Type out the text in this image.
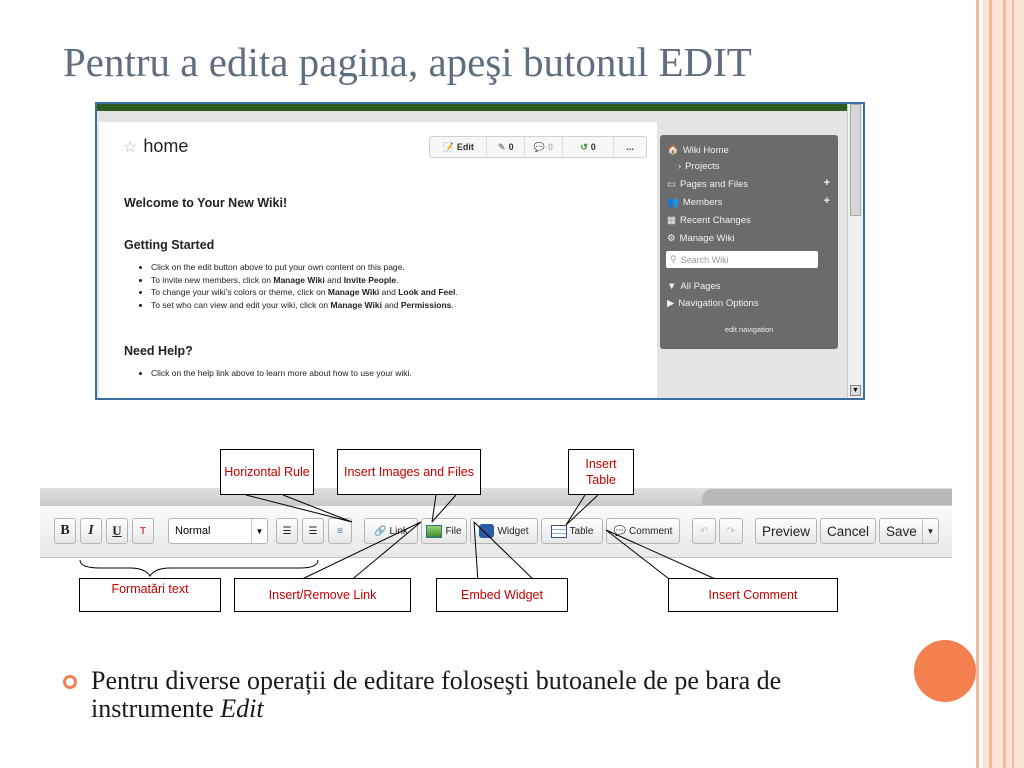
Pentru a edita pagina, apeşi butonul EDIT
▼
☆ home	📝 Edit	✎ 0 💬 0	↺ 0	...
Welcome to Your New Wiki!
Getting Started
• Click on the edit button above to put your own content on this page.
• To invite new members, click on Manage Wiki and Invite People.
• To change your wiki's colors or theme, click on Manage Wiki and Look and Feel.
• To set who can view and edit your wiki, click on Manage Wiki and Permissions.
Need Help?
• Click on the help link above to learn more about how to use your wiki.
🏠 Wiki Home
› Projects
▭ Pages and Files	+
👥 Members	+
▦ Recent Changes
⚙ Manage Wiki
⚲ Search Wiki
▼ All Pages
▶ Navigation Options
edit navigation
B	I	U	T	Normal	▼	☰ ☰ ≡	🔗 Link	File	Widget	Table 💬 Comment	↶ ↷	Preview	Cancel	Save	▼
Horizontal Rule	Insert Images and Files
Insert Table
Formatări text	Insert/Remove Link	Embed Widget	Insert Comment
Pentru diverse operații de editare foloseşti butoanele de pe bara de instrumente Edit
